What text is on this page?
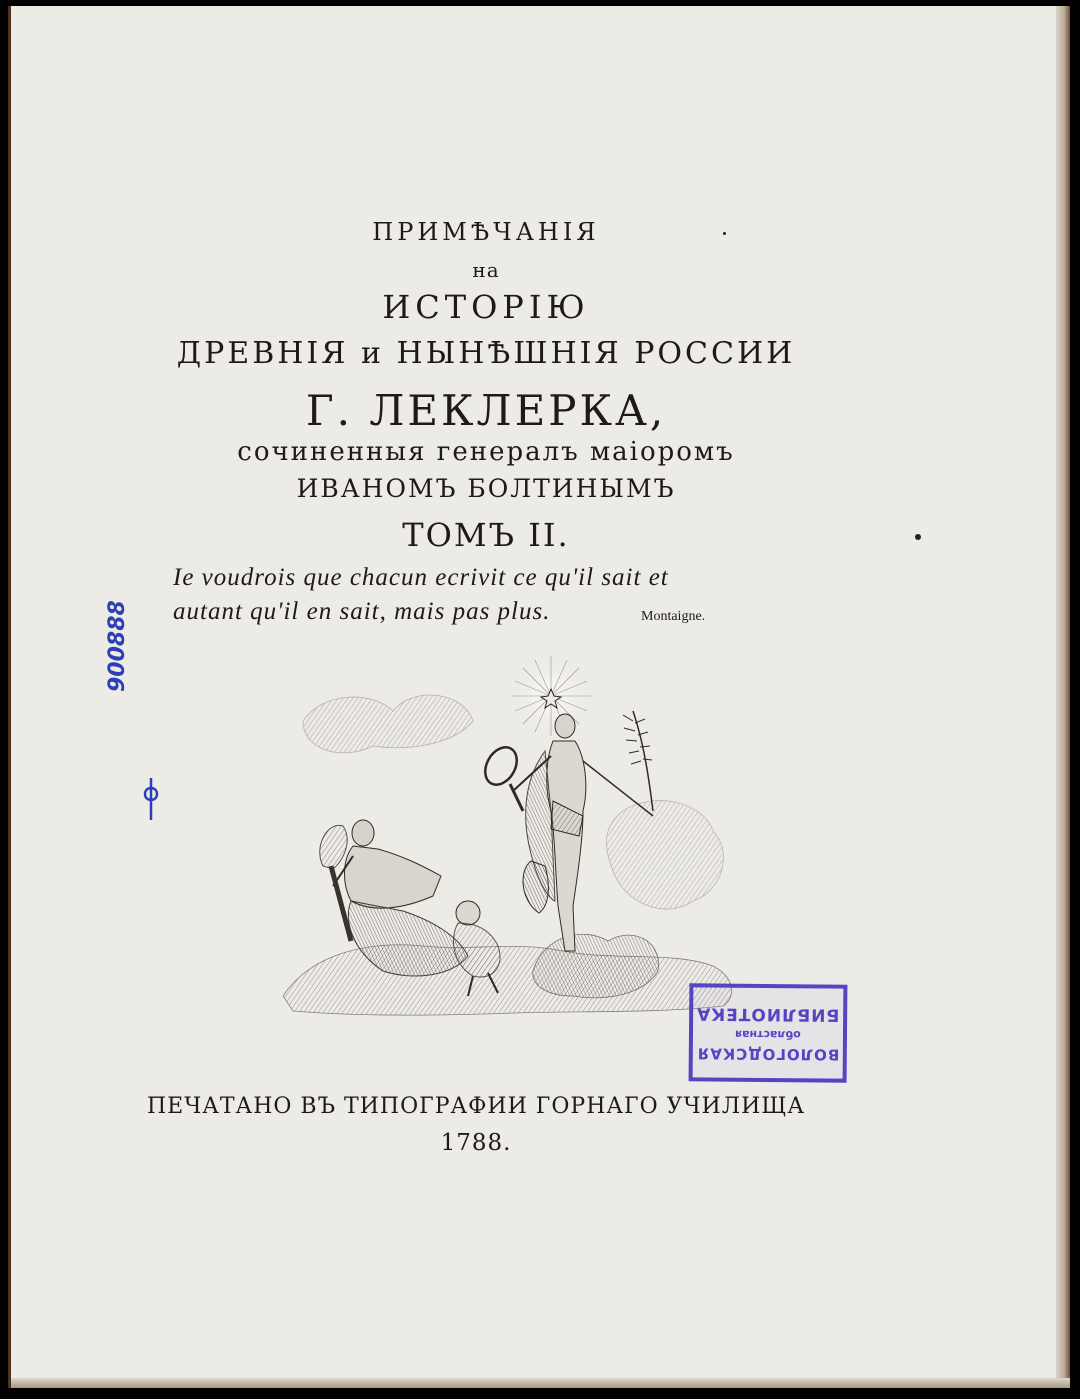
ПРИМѢЧАНІЯ
на
ИСТОРІЮ
ДРЕВНІЯ и НЫНѢШНІЯ РОССИИ
Г. ЛЕКЛЕРКА,
сочиненныя генералъ маіоромъ
ИВАНОМЪ БОЛТИНЫМЪ
ТОМЪ II.
Ie voudrois que chacun ecrivit ce qu'il sait et
autant qu'il en sait, mais pas plus.	Montaigne.
БИБЛИОТЕКА
областная
ВОЛОГОДСКАЯ
900888
ПЕЧАТАНО ВЪ ТИПОГРАФИИ ГОРНАГО УЧИЛИЩА
1788.
